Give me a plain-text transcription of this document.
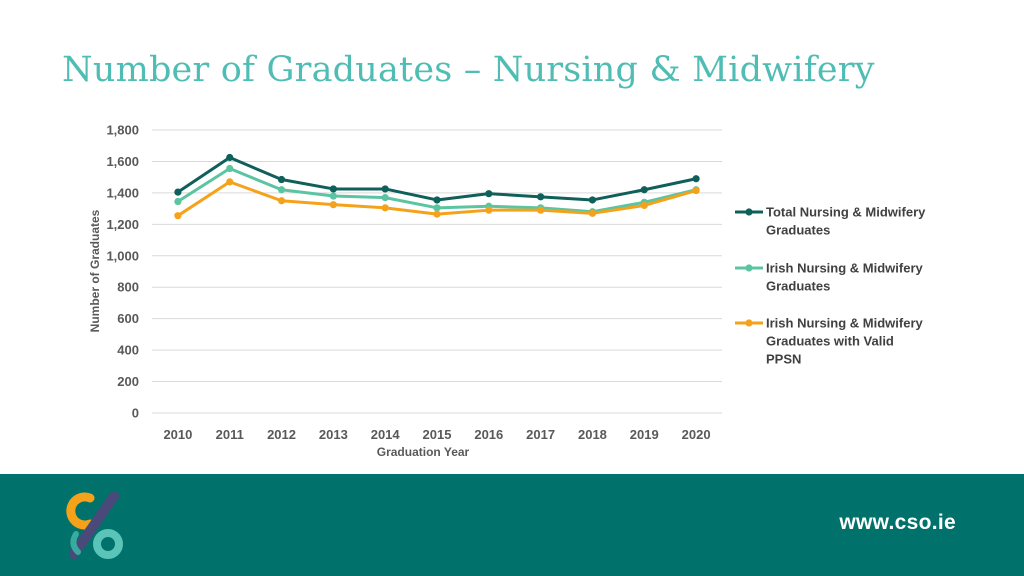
Number of Graduates – Nursing & Midwifery
0
200
400
600
800
1,000
1,200
1,400
1,600
1,800
2010 2011 2012 2013 2014 2015 2016 2017 2018 2019 2020
Total Nursing & Midwifery
Graduates
Irish Nursing & Midwifery
Graduates
Irish Nursing & Midwifery
Graduates with Valid
PPSN
Graduation Year
Number of Graduates
www.cso.ie
